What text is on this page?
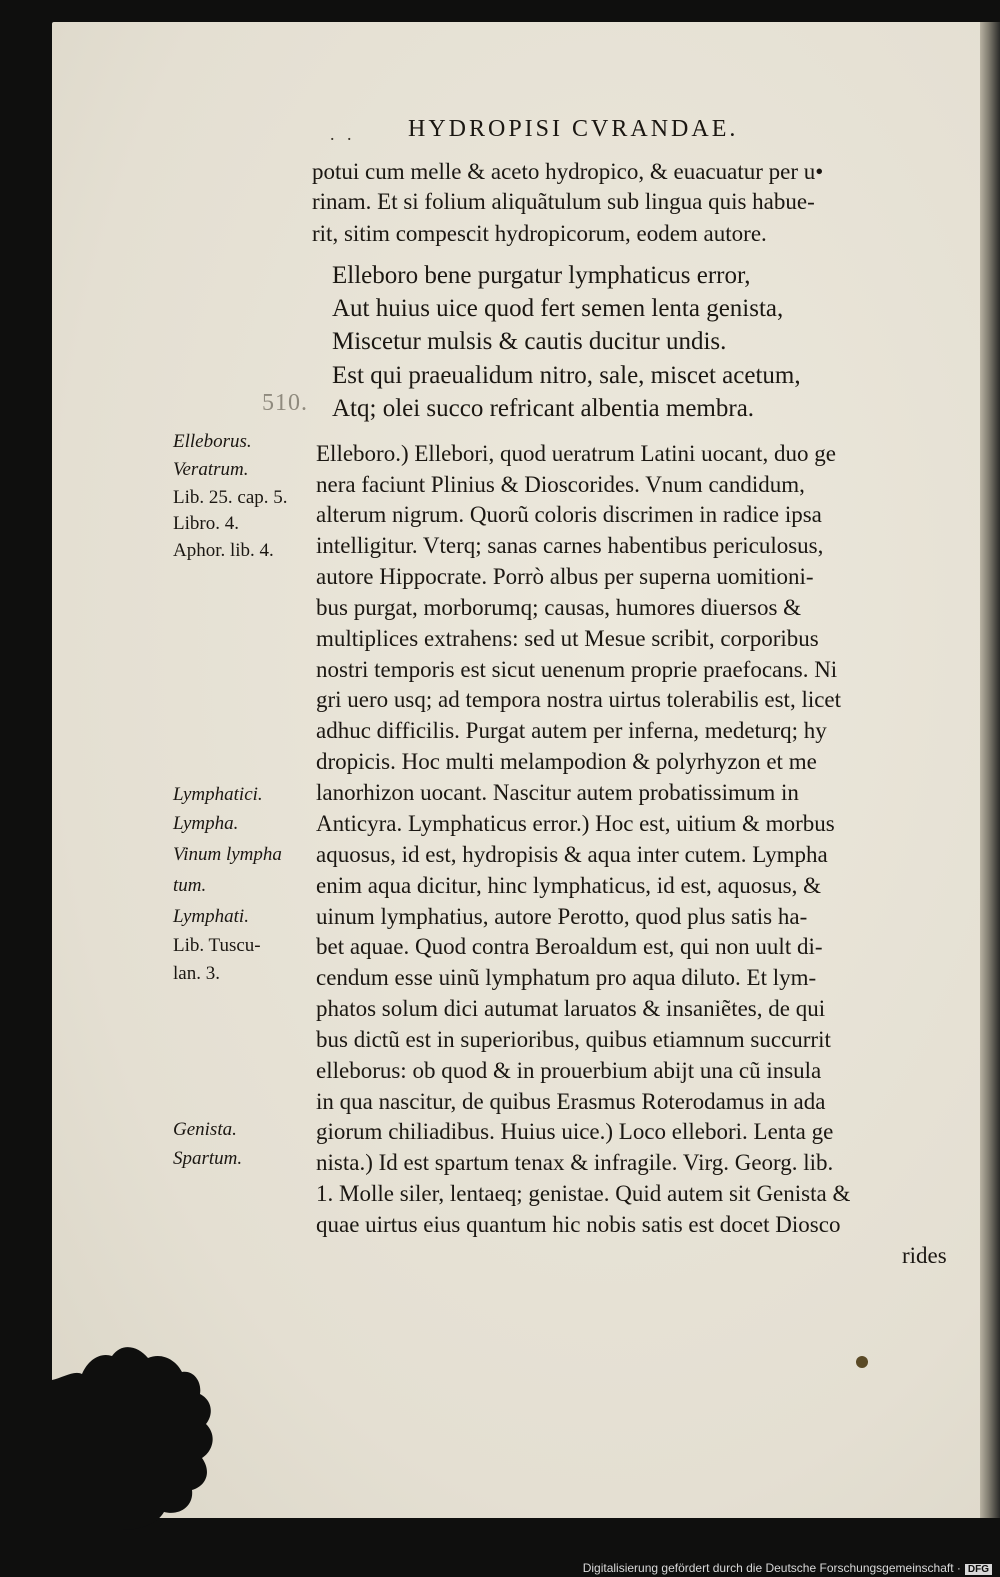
. . HYDROPISI CVRANDAE.
potui cum melle & aceto hydropico, & euacuatur per u•
rinam. Et si folium aliquãtulum sub lingua quis habue-
rit, sitim compescit hydropicorum, eodem autore.
Elleboro bene purgatur lymphaticus error,
Aut huius uice quod fert semen lenta genista,
Miscetur mulsis & cautis ducitur undis.
Est qui praeualidum nitro, sale, miscet acetum,
Atq; olei succo refricant albentia membra.
510.
Elleboro.) Ellebori, quod ueratrum Latini uocant, duo ge
nera faciunt Plinius & Dioscorides. Vnum candidum,
alterum nigrum. Quorũ coloris discrimen in radice ipsa
intelligitur. Vterq; sanas carnes habentibus periculosus,
autore Hippocrate. Porrò albus per superna uomitioni-
bus purgat, morborumq; causas, humores diuersos &
multiplices extrahens: sed ut Mesue scribit, corporibus
nostri temporis est sicut uenenum proprie praefocans. Ni
gri uero usq; ad tempora nostra uirtus tolerabilis est, licet
adhuc difficilis. Purgat autem per inferna, medeturq; hy
dropicis. Hoc multi melampodion & polyrhyzon et me
lanorhizon uocant. Nascitur autem probatissimum in
Anticyra. Lymphaticus error.) Hoc est, uitium & morbus
aquosus, id est, hydropisis & aqua inter cutem. Lympha
enim aqua dicitur, hinc lymphaticus, id est, aquosus, &
uinum lymphatius, autore Perotto, quod plus satis ha-
bet aquae. Quod contra Beroaldum est, qui non uult di-
cendum esse uinũ lymphatum pro aqua diluto. Et lym-
phatos solum dici autumat laruatos & insaniẽtes, de qui
bus dictũ est in superioribus, quibus etiamnum succurrit
elleborus: ob quod & in prouerbium abijt una cũ insula
in qua nascitur, de quibus Erasmus Roterodamus in ada
giorum chiliadibus. Huius uice.) Loco ellebori. Lenta ge
nista.) Id est spartum tenax & infragile. Virg. Georg. lib.
1. Molle siler, lentaeq; genistae. Quid autem sit Genista &
quae uirtus eius quantum hic nobis satis est docet Diosco
rides
Elleborus.
Veratrum.
Lib. 25. cap. 5.
Libro. 4.
Aphor. lib. 4.
Lymphatici.
Lympha.
Vinum lympha
tum.
Lymphati.
Lib. Tuscu-
lan. 3.
Genista.
Spartum.
Digitalisierung gefördert durch die Deutsche Forschungsgemeinschaft · DFG
